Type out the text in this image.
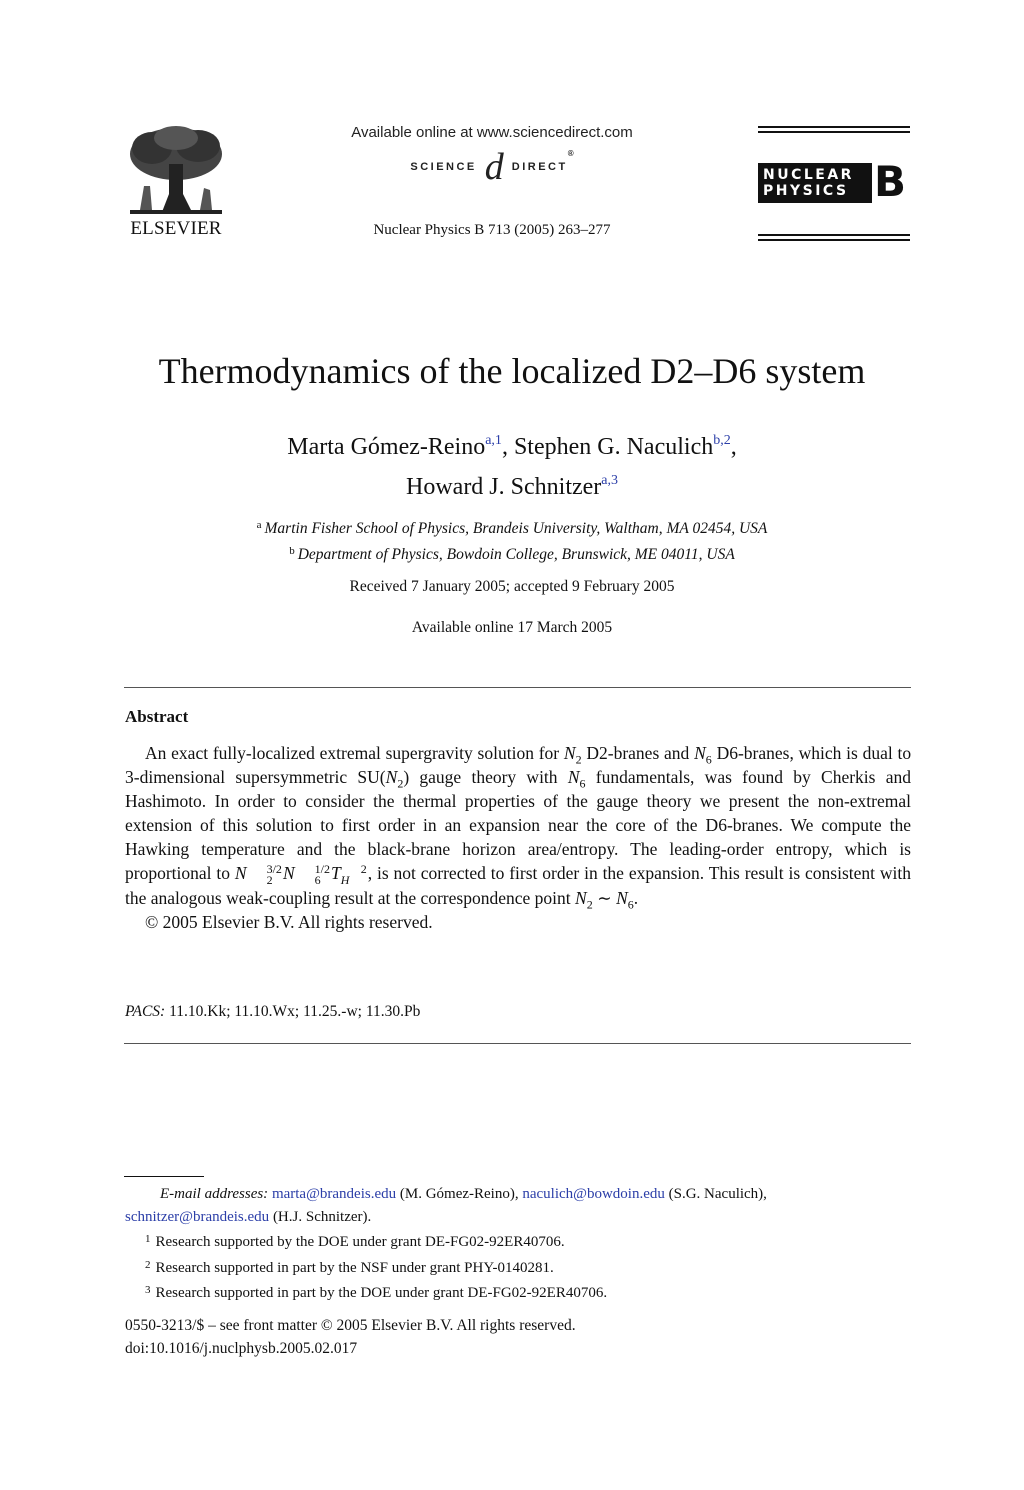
ELSEVIER
Available online at www.sciencedirect.com
SCIENCE d DIRECT®
Nuclear Physics B 713 (2005) 263–277
NUCLEAR
PHYSICS B
Thermodynamics of the localized D2–D6 system
Marta Gómez-Reino$^{a,1}$, Stephen G. Naculich$^{b,2}$,
Howard J. Schnitzer$^{a,3}$
$^a$ Martin Fisher School of Physics, Brandeis University, Waltham, MA 02454, USA
$^b$ Department of Physics, Bowdoin College, Brunswick, ME 04011, USA
Received 7 January 2005; accepted 9 February 2005
Available online 17 March 2005
Abstract

An exact fully-localized extremal supergravity solution for $N_2$ D2-branes and $N_6$ D6-branes, which is dual to 3-dimensional supersymmetric $SU(N_2)$ gauge theory with $N_6$ fundamentals, was found by Cherkis and Hashimoto. In order to consider the thermal properties of the gauge theory we present the non-extremal extension of this solution to first order in an expansion near the core of the D6-branes. We compute the Hawking temperature and the black-brane horizon area/entropy. The leading-order entropy, which is proportional to N	3/2
2 N	1/2
6 T	2
H , is not corrected to first order in the expansion. This result is consistent with the analogous weak-coupling result at the correspondence point $N_2$ ∼ $N_6$.

© 2005 Elsevier B.V. All rights reserved.

PACS: 11.10.Kk; 11.10.Wx; 11.25.-w; 11.30.Pb

E-mail addresses: marta@brandeis.edu (M. Gómez-Reino), naculich@bowdoin.edu (S.G. Naculich), schnitzer@brandeis.edu (H.J. Schnitzer).

$^1$ Research supported by the DOE under grant DE-FG02-92ER40706.

$^2$ Research supported in part by the NSF under grant PHY-0140281.

$^3$ Research supported in part by the DOE under grant DE-FG02-92ER40706.

0550-3213/$ – see front matter © 2005 Elsevier B.V. All rights reserved.
doi:10.1016/j.nuclphysb.2005.02.017
